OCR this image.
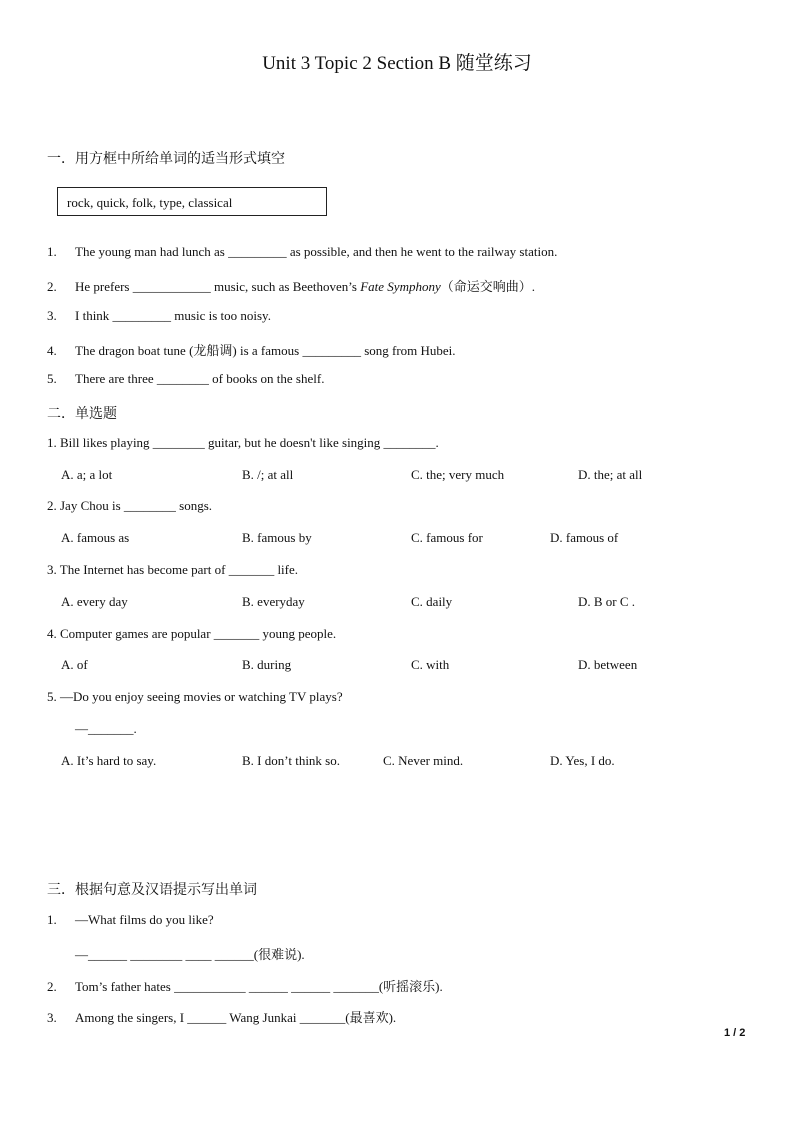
Unit 3 Topic 2 Section B 随堂练习
一．用方框中所给单词的适当形式填空
rock, quick, folk, type, classical
1. The young man had lunch as _________ as possible, and then he went to the railway station.
2. He prefers ____________ music, such as Beethoven’s Fate Symphony（命运交响曲）.
3. I think _________ music is too noisy.
4. The dragon boat tune (龙船调) is a famous _________ song from Hubei.
5. There are three ________ of books on the shelf.
二．单选题
1. Bill likes playing ________ guitar, but he doesn't like singing ________.
A. a; a lot	B. /; at all	C. the; very much	D. the; at all
2. Jay Chou is ________ songs.
A. famous as	B. famous by	C. famous for	D. famous of
3. The Internet has become part of _______ life.
A. every day	B. everyday	C. daily	D. B or C .
4. Computer games are popular _______ young people.
A. of	B. during	C. with	D. between
5. —Do you enjoy seeing movies or watching TV plays?
—_______.
A. It’s hard to say.	B. I don’t think so.	C. Never mind.	D. Yes, I do.
三．根据句意及汉语提示写出单词
1. —What films do you like?
—______ ________ ____ ______(很难说).
2. Tom’s father hates ___________ ______ ______ _______(听摇滚乐).
3. Among the singers, I ______ Wang Junkai _______(最喜欢).
1 / 2
